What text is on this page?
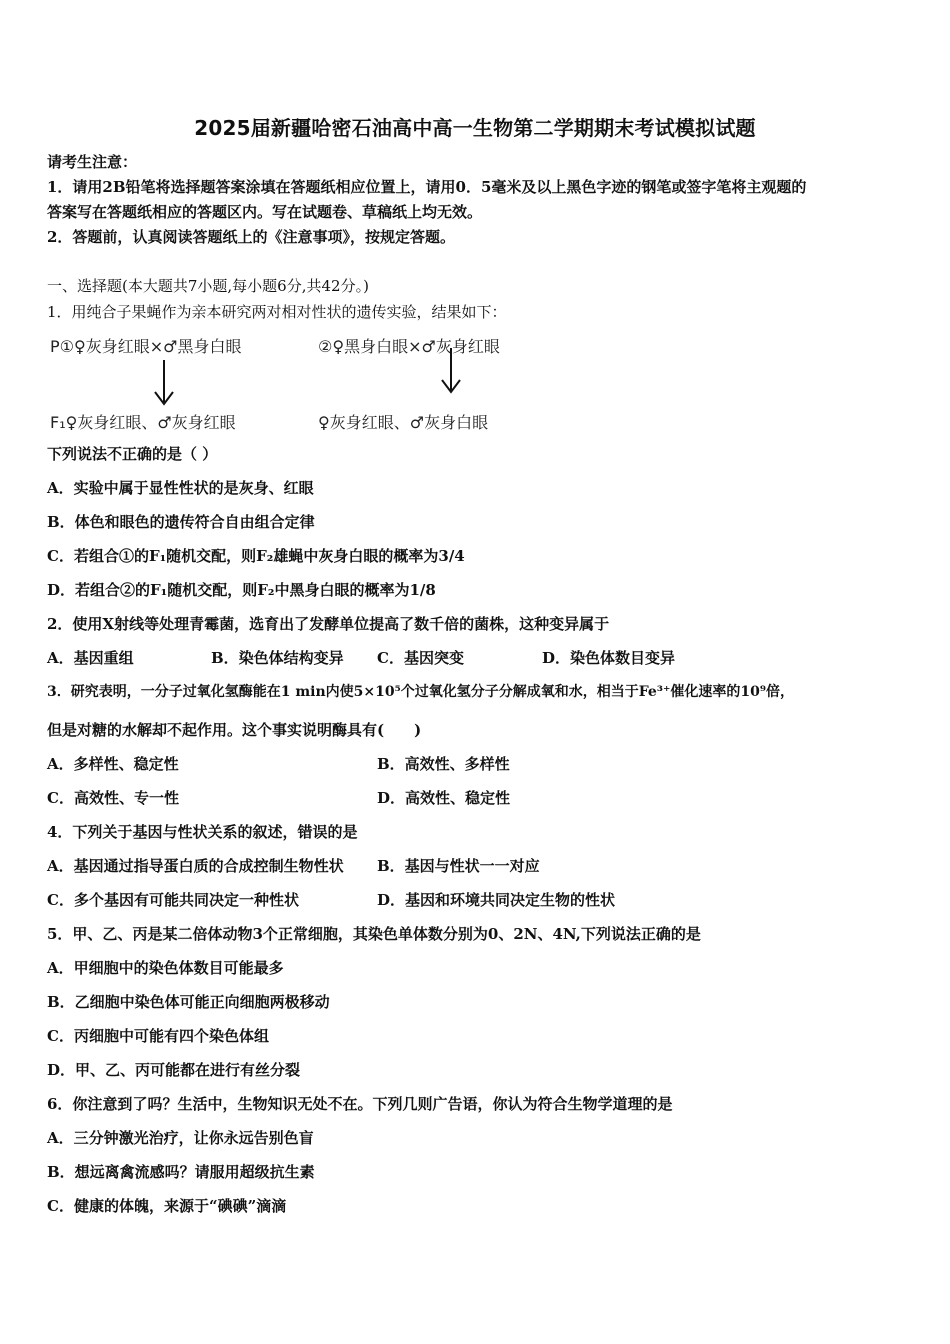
2025届新疆哈密石油高中高一生物第二学期期末考试模拟试题
请考生注意：
1．请用2B铅笔将选择题答案涂填在答题纸相应位置上，请用0．5毫米及以上黑色字迹的钢笔或签字笔将主观题的
答案写在答题纸相应的答题区内。写在试题卷、草稿纸上均无效。
2．答题前，认真阅读答题纸上的《注意事项》，按规定答题。
一、选择题(本大题共7小题,每小题6分,共42分。)
1．用纯合子果蝇作为亲本研究两对相对性状的遗传实验，结果如下：
P①♀灰身红眼×♂黑身白眼	②♀黑身白眼×♂灰身红眼
F₁♀灰身红眼、♂灰身红眼	♀灰身红眼、♂灰身白眼
下列说法不正确的是（ ）
A．实验中属于显性性状的是灰身、红眼
B．体色和眼色的遗传符合自由组合定律
C．若组合①的F₁随机交配，则F₂雄蝇中灰身白眼的概率为3/4
D．若组合②的F₁随机交配，则F₂中黑身白眼的概率为1/8
2．使用X射线等处理青霉菌，选育出了发酵单位提高了数千倍的菌株，这种变异属于
A．基因重组	B．染色体结构变异 C．基因突变	D．染色体数目变异
3．研究表明，一分子过氧化氢酶能在1 min内使5×10⁵个过氧化氢分子分解成氧和水，相当于Fe³⁺催化速率的10⁹倍，
但是对糖的水解却不起作用。这个事实说明酶具有(　　)
A．多样性、稳定性	B．高效性、多样性
C．高效性、专一性	D．高效性、稳定性
4．下列关于基因与性状关系的叙述，错误的是
A．基因通过指导蛋白质的合成控制生物性状 B．基因与性状一一对应
C．多个基因有可能共同决定一种性状	D．基因和环境共同决定生物的性状
5．甲、乙、丙是某二倍体动物3个正常细胞，其染色单体数分别为0、2N、4N,下列说法正确的是
A．甲细胞中的染色体数目可能最多
B．乙细胞中染色体可能正向细胞两极移动
C．丙细胞中可能有四个染色体组
D．甲、乙、丙可能都在进行有丝分裂
6．你注意到了吗？生活中，生物知识无处不在。下列几则广告语，你认为符合生物学道理的是
A．三分钟激光治疗，让你永远告别色盲
B．想远离禽流感吗？请服用超级抗生素
C．健康的体魄，来源于“碘碘”滴滴
